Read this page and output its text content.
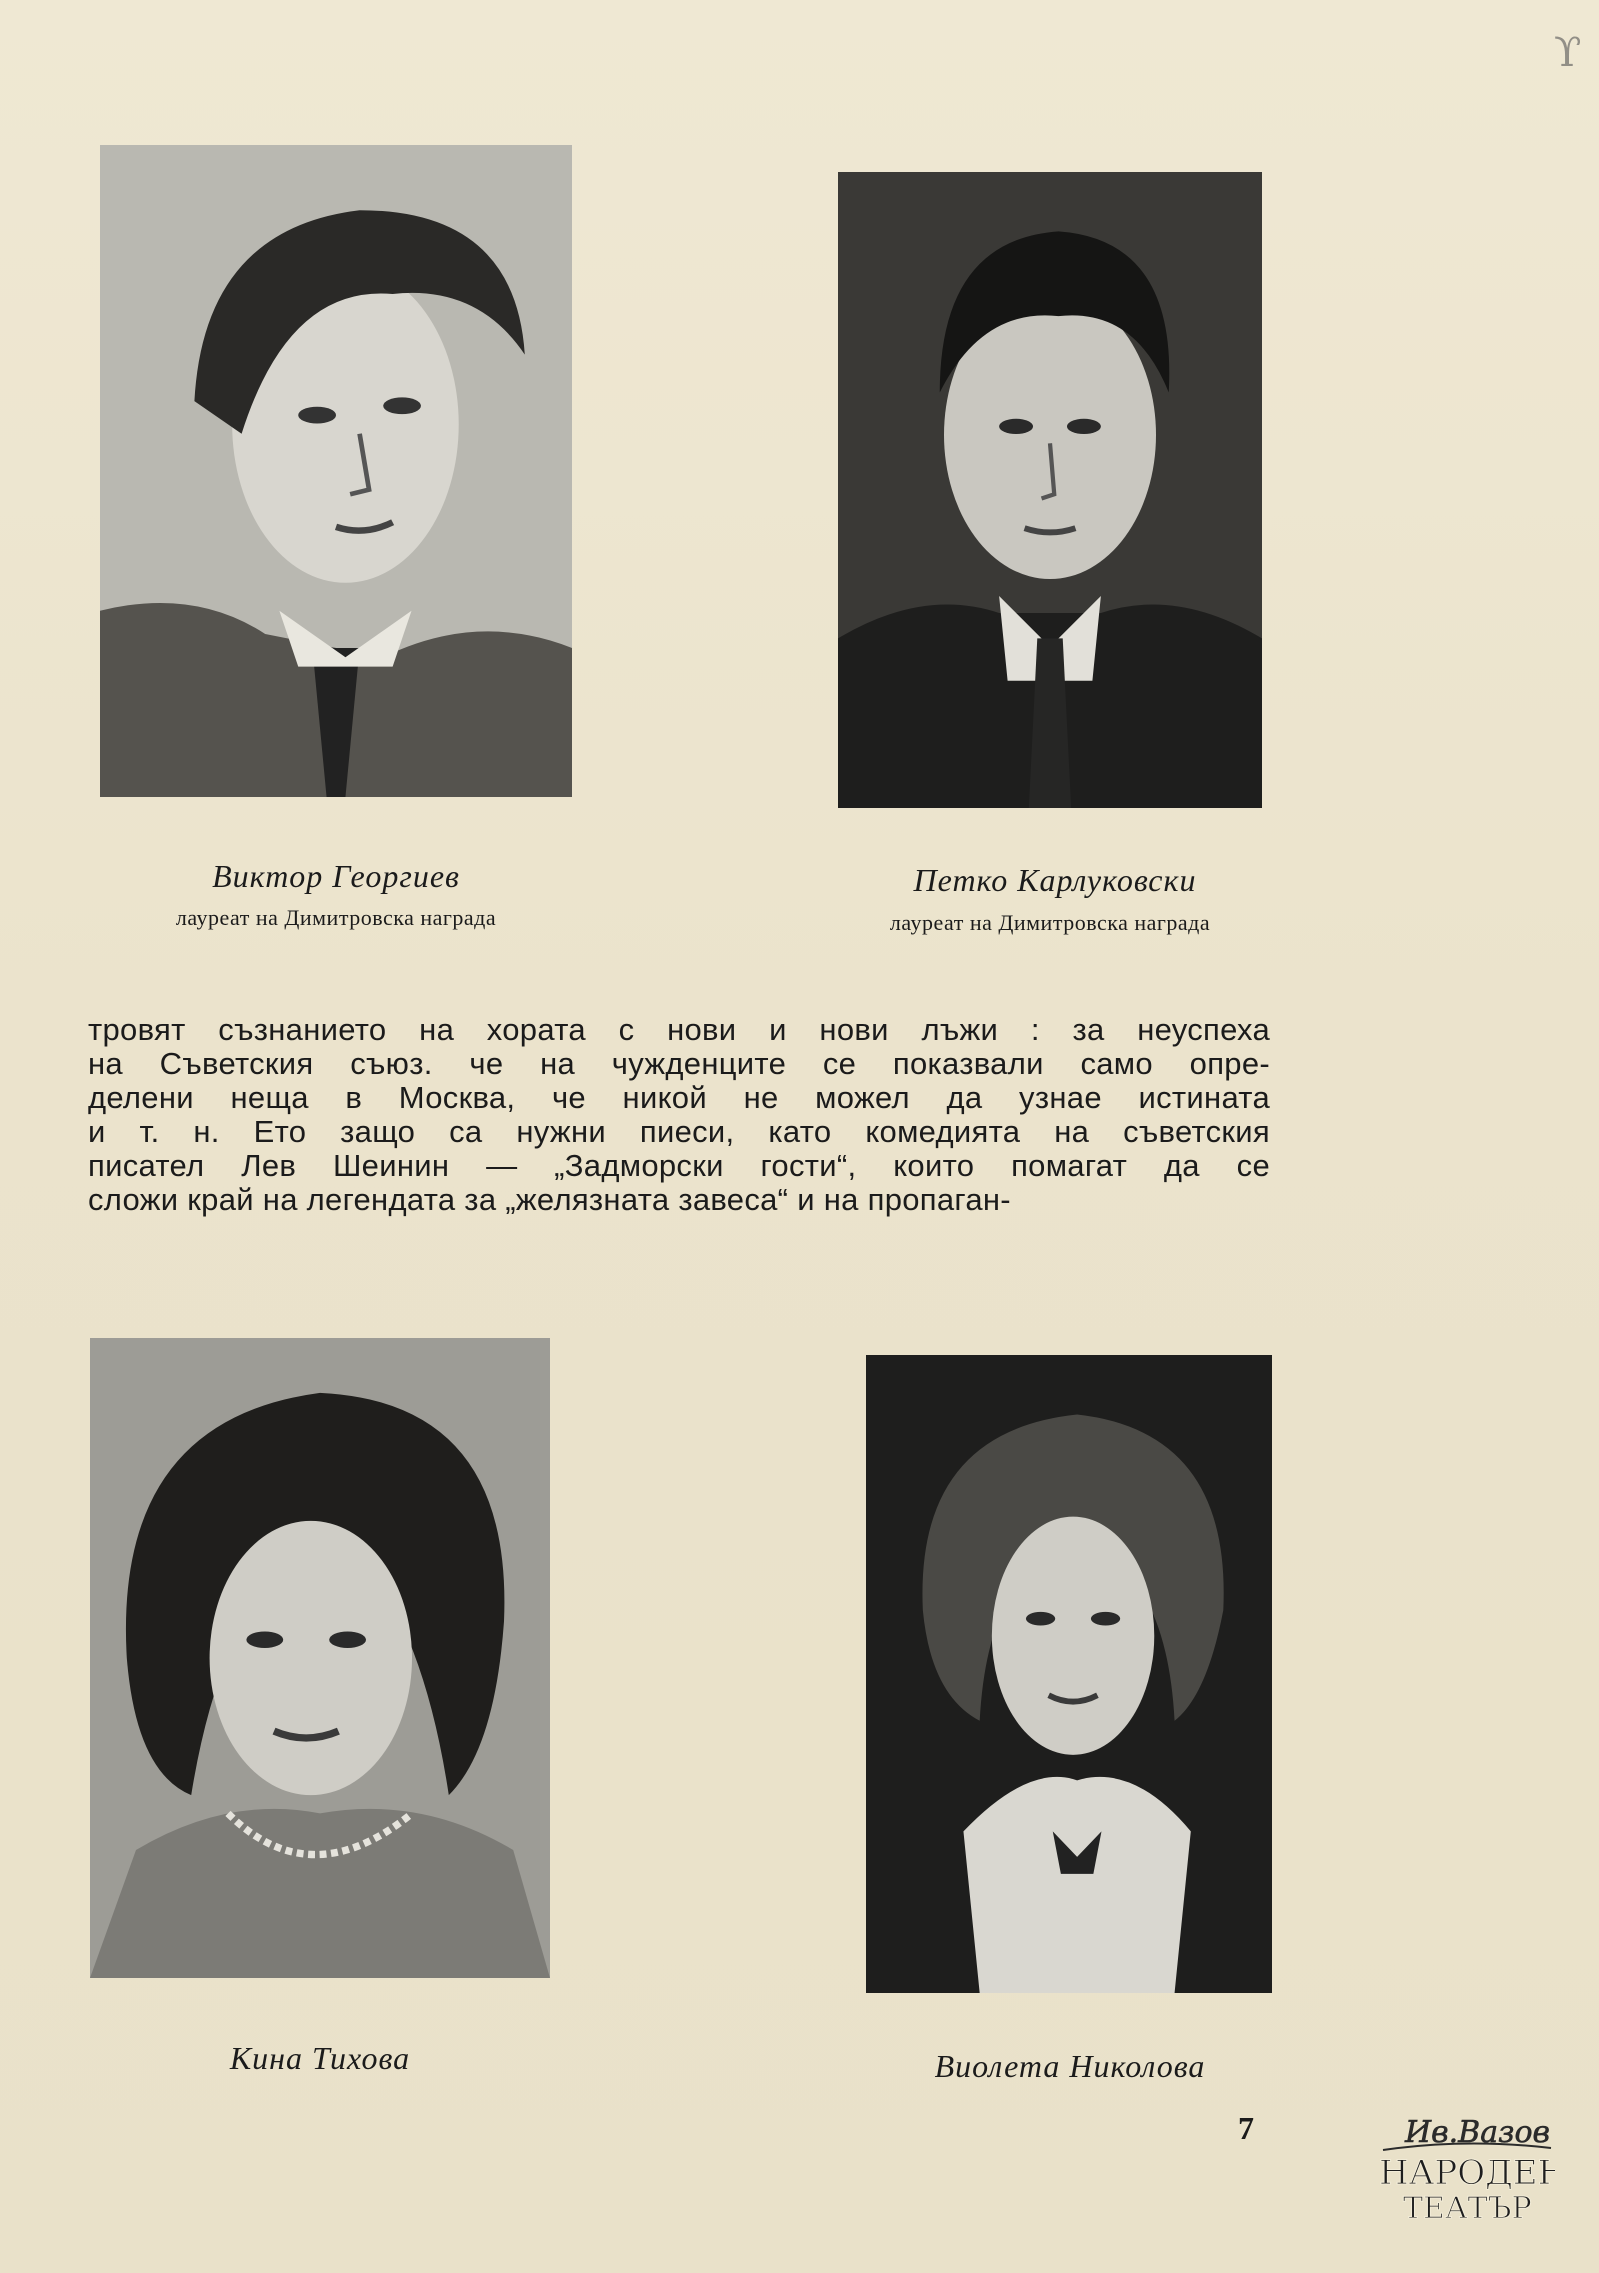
ϒ
Виктор Георгиев
лауреат на Димитровска награда
Петко Карлуковски
лауреат на Димитровска награда
тровят съзнанието на хората с нови и нови лъжи : за неуспеха
на Съветския съюз. че на чужденците се показвали само опре-
делени неща в Москва, че никой не можел да узнае истината
и т. н. Ето защо са нужни пиеси, като комедията на съветския
писател Лев Шеинин — „Задморски гости“, които помагат да се
сложи край на легендата за „желязната завеса“ и на пропаган-
Кина Тихова	Виолета Николова
7	Ив.Вазов
НАРОДЕН
ТЕАТЪР
